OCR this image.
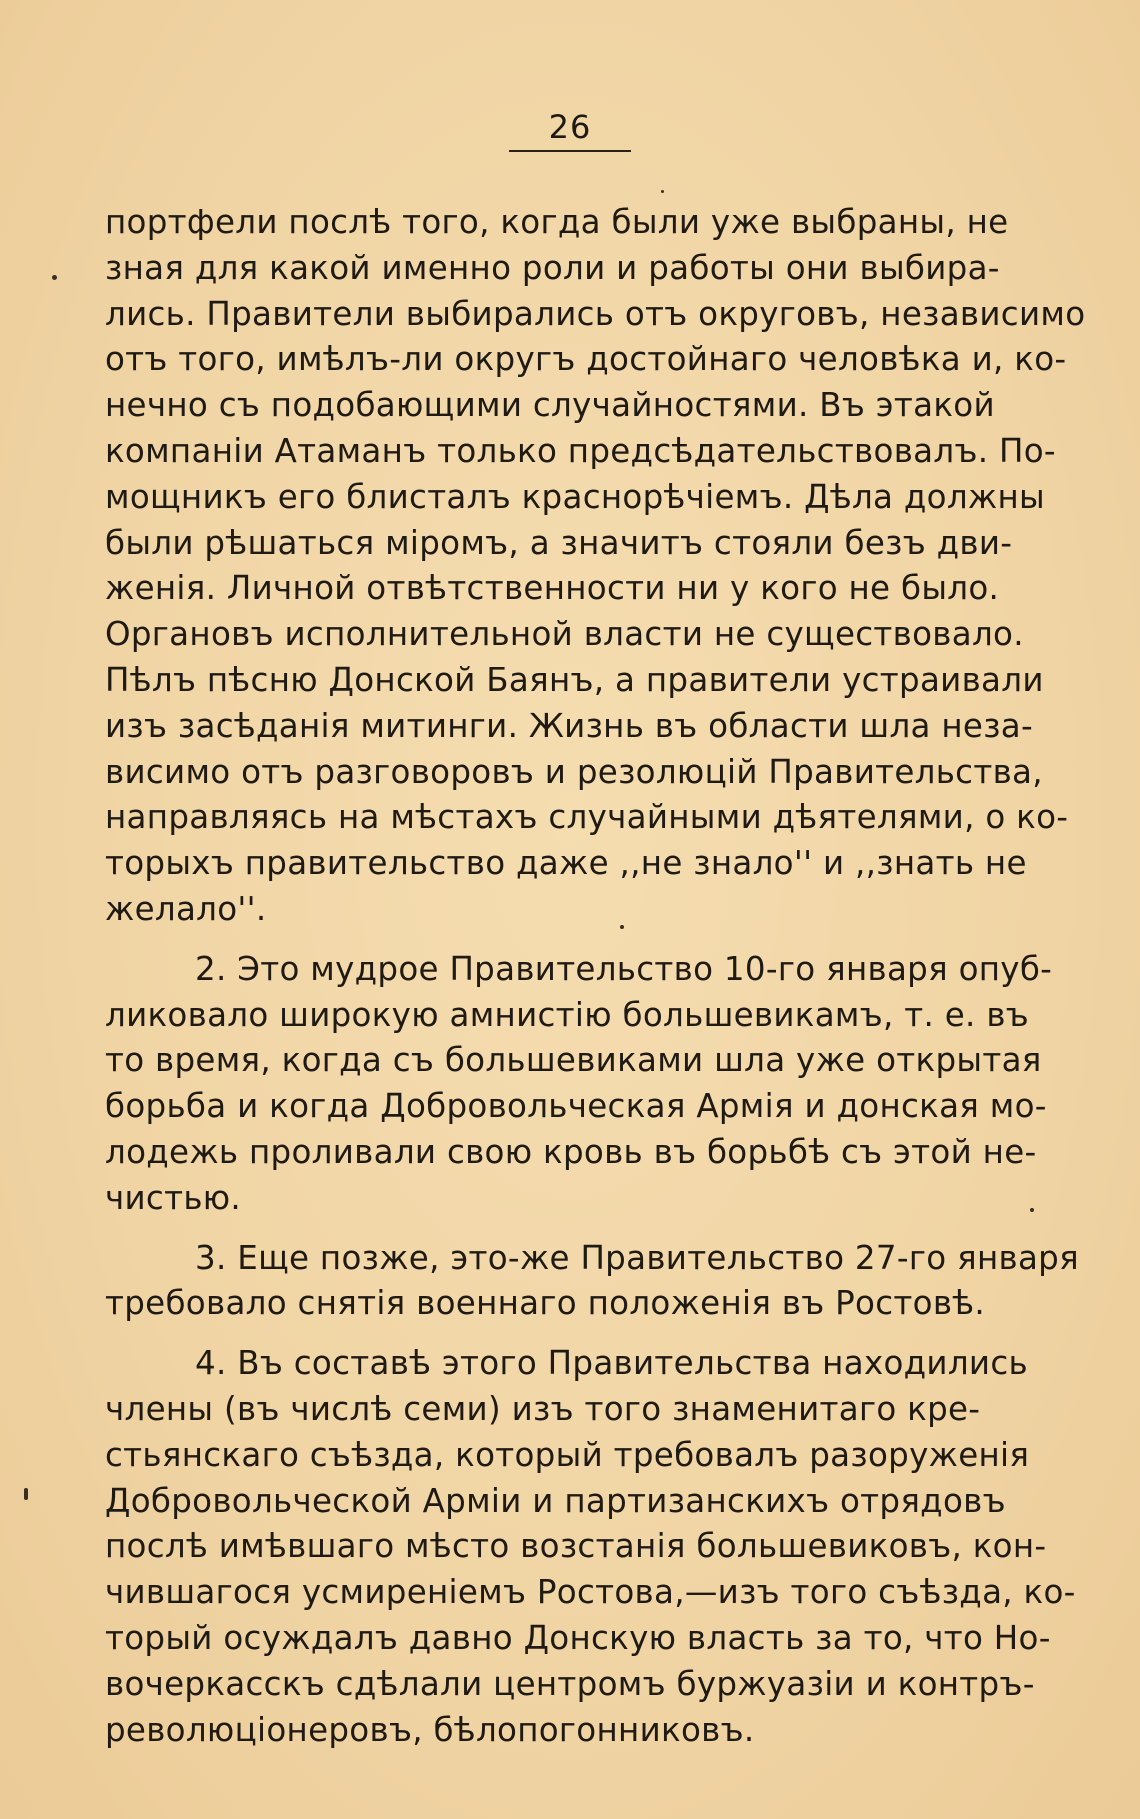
26
портфели послѣ того, когда были уже выбраны, не
зная для какой именно роли и работы они выбира-
лись. Правители выбирались отъ округовъ, независимо
отъ того, имѣлъ-ли округъ достойнаго человѣка и, ко-
нечно съ подобающими случайностями. Въ этакой
компаніи Атаманъ только предсѣдательствовалъ. По-
мощникъ его блисталъ краснорѣчіемъ. Дѣла должны
были рѣшаться міромъ, а значитъ стояли безъ дви-
женія. Личной отвѣтственности ни у кого не было.
Органовъ исполнительной власти не существовало.
Пѣлъ пѣсню Донской Баянъ, а правители устраивали
изъ засѣданія митинги. Жизнь въ области шла неза-
висимо отъ разговоровъ и резолюцій Правительства,
направляясь на мѣстахъ случайными дѣятелями, о ко-
торыхъ правительство даже ,,не знало'' и ,,знать не
желало''.
2. Это мудрое Правительство 10-го января опуб-
ликовало широкую амнистію большевикамъ, т. е. въ
то время, когда съ большевиками шла уже открытая
борьба и когда Добровольческая Армія и донская мо-
лодежь проливали свою кровь въ борьбѣ съ этой не-
чистью.
3. Еще позже, это-же Правительство 27-го января
требовало снятія военнаго положенія въ Ростовѣ.
4. Въ составѣ этого Правительства находились
члены (въ числѣ семи) изъ того знаменитаго кре-
стьянскаго съѣзда, который требовалъ разоруженія
Добровольческой Арміи и партизанскихъ отрядовъ
послѣ имѣвшаго мѣсто возстанія большевиковъ, кон-
чившагося усмиреніемъ Ростова,—изъ того съѣзда, ко-
торый осуждалъ давно Донскую власть за то, что Но-
вочеркасскъ сдѣлали центромъ буржуазіи и контръ-
революціонеровъ, бѣлопогонниковъ.
